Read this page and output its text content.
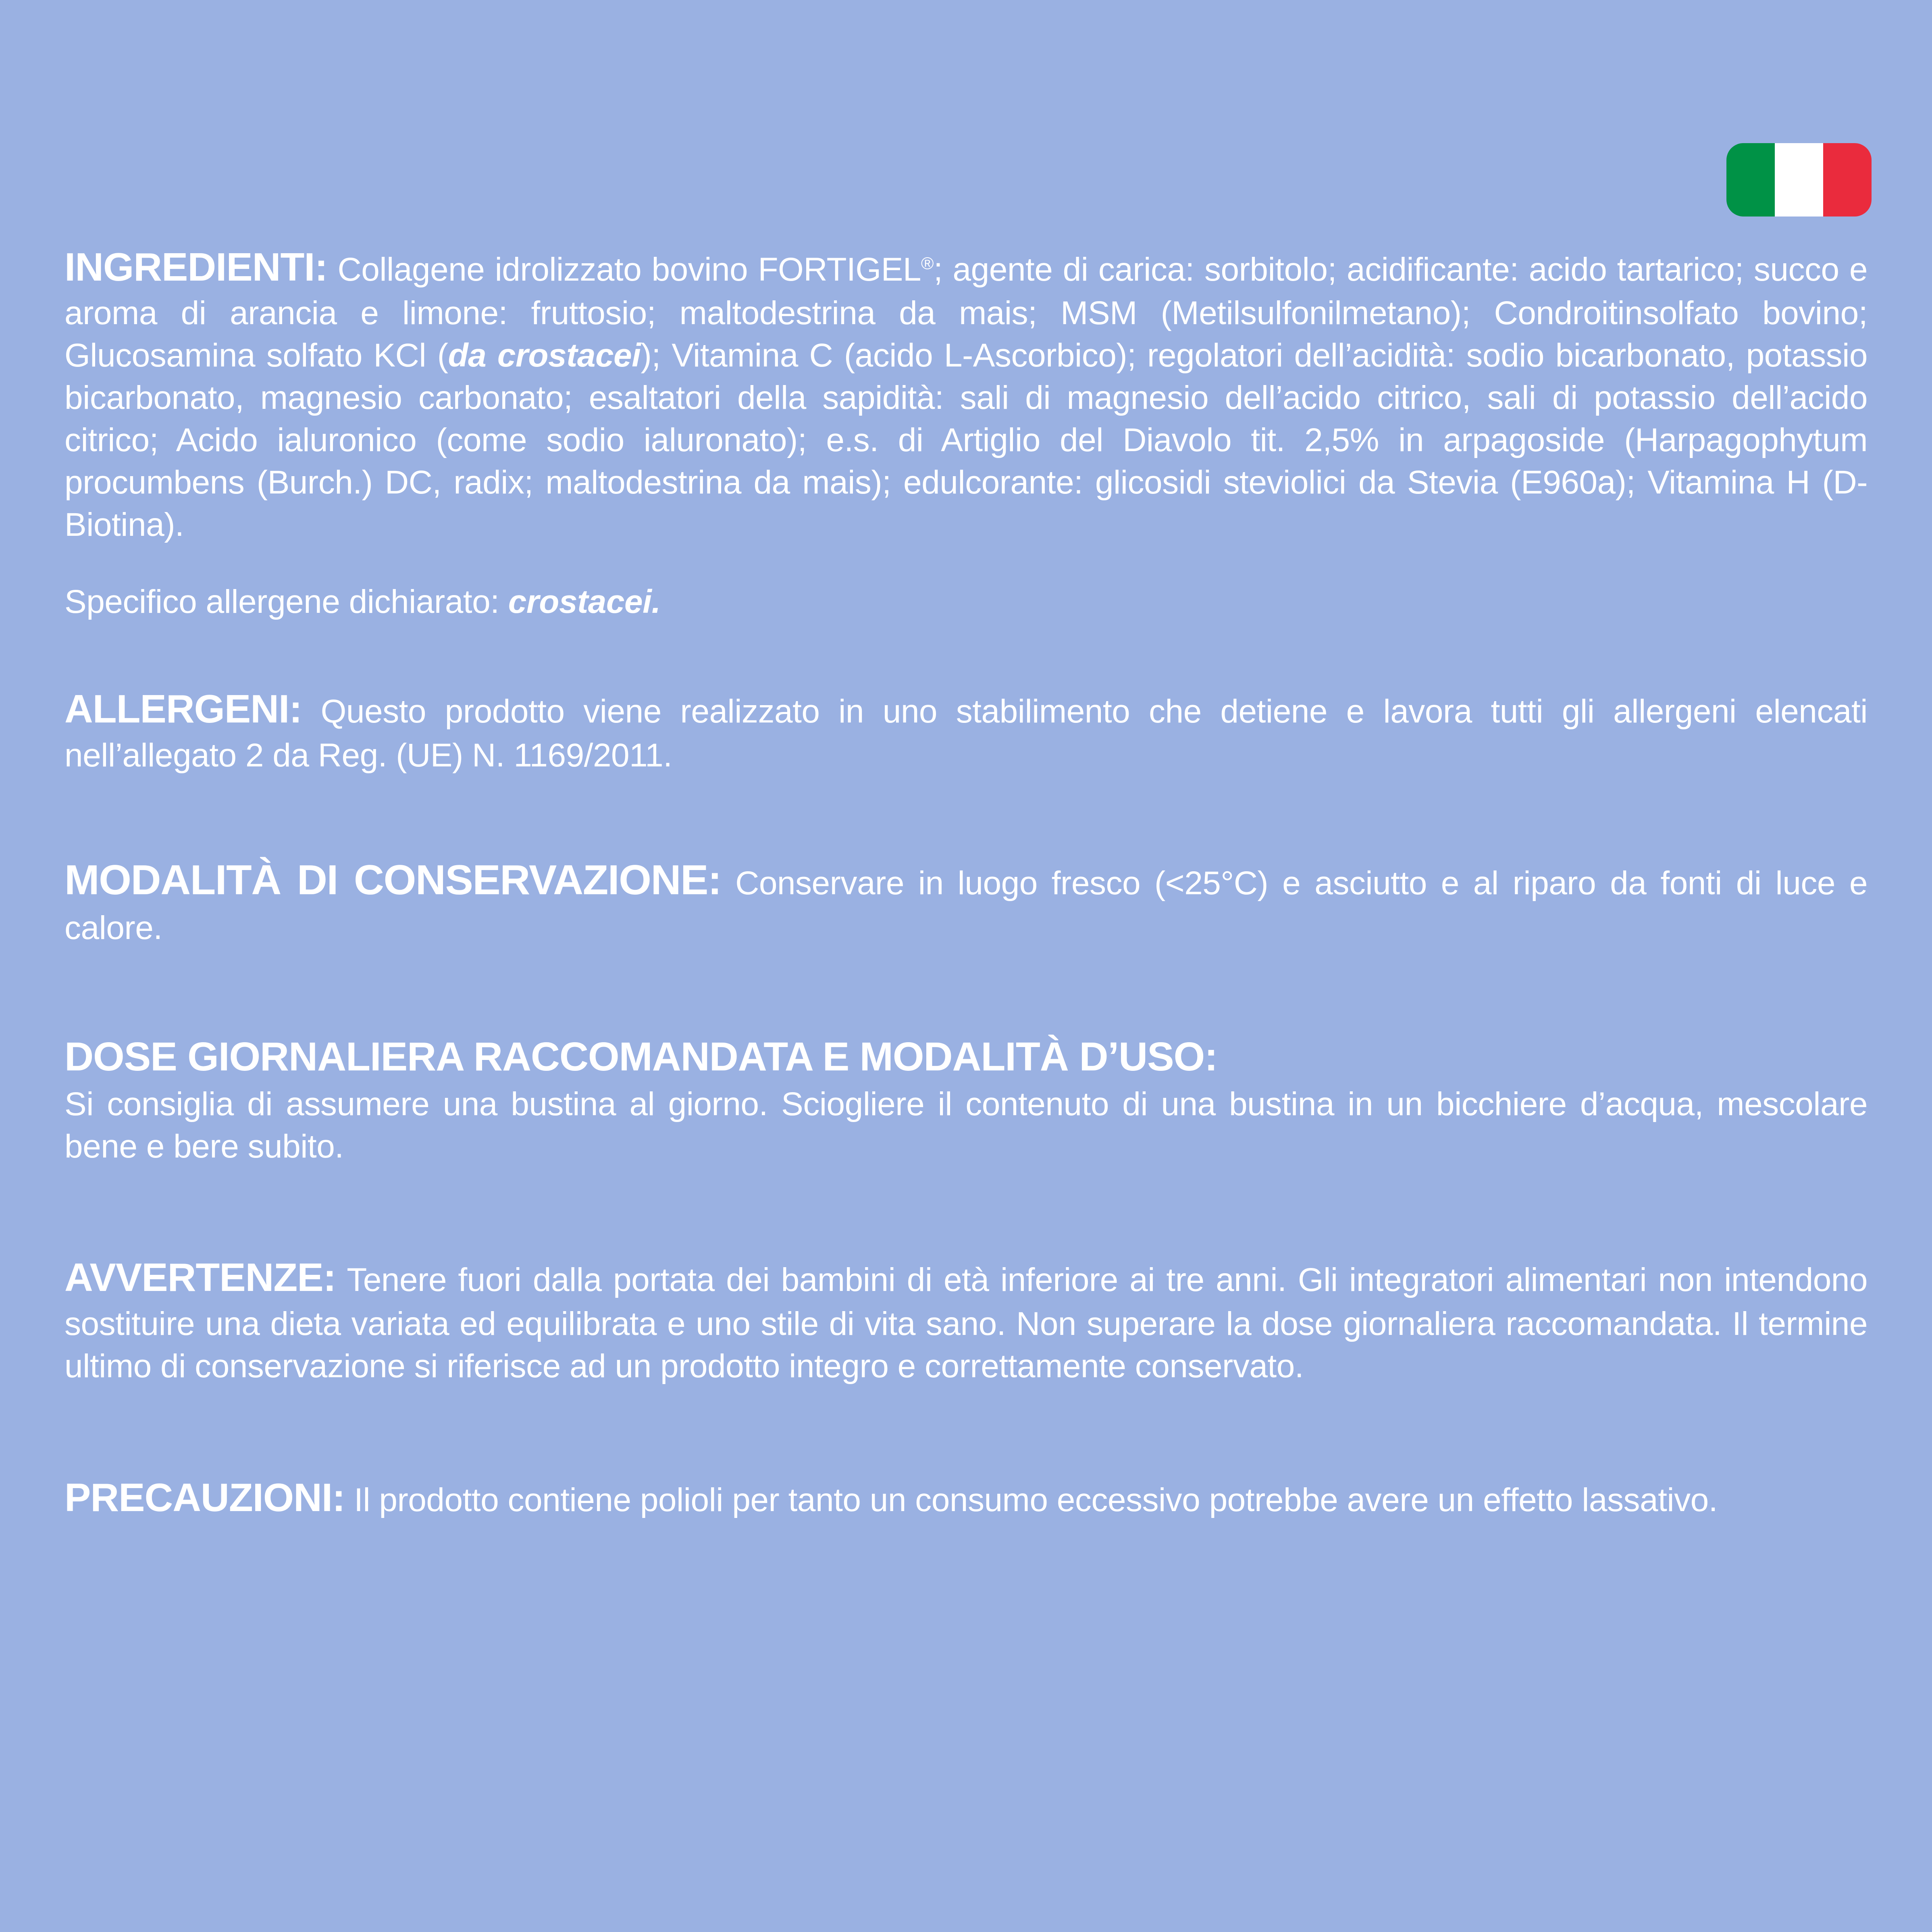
INGREDIENTI: Collagene idrolizzato bovino FORTIGEL®; agente di carica: sorbitolo; acidificante: acido tartarico; succo e aroma di arancia e limone: fruttosio; maltodestrina da mais; MSM (Metilsulfonilmetano); Condroitinsolfato bovino; Glucosamina solfato KCl (da crostacei); Vitamina C (acido L-Ascorbico); regolatori dell’acidità: sodio bicarbonato, potassio bicarbonato, magnesio carbonato; esaltatori della sapidità: sali di magnesio dell’acido citrico, sali di potassio dell’acido citrico; Acido ialuronico (come sodio ialuronato); e.s. di Artiglio del Diavolo tit. 2,5% in arpagoside (Harpagophytum procumbens (Burch.) DC, radix; maltodestrina da mais); edulcorante: glicosidi steviolici da Stevia (E960a); Vitamina H (D-Biotina).

Specifico allergene dichiarato: crostacei.

ALLERGENI: Questo prodotto viene realizzato in uno stabilimento che detiene e lavora tutti gli allergeni elencati nell’allegato 2 da Reg. (UE) N. 1169/2011.

MODALITÀ DI CONSERVAZIONE: Conservare in luogo fresco (<25°C) e asciutto e al riparo da fonti di luce e calore.

DOSE GIORNALIERA RACCOMANDATA E MODALITÀ D’USO:

Si consiglia di assumere una bustina al giorno. Sciogliere il contenuto di una bustina in un bicchiere d’acqua, mescolare bene e bere subito.

AVVERTENZE: Tenere fuori dalla portata dei bambini di età inferiore ai tre anni. Gli integratori alimentari non intendono sostituire una dieta variata ed equilibrata e uno stile di vita sano. Non superare la dose giornaliera raccomandata. Il termine ultimo di conservazione si riferisce ad un prodotto integro e correttamente conservato.

PRECAUZIONI: Il prodotto contiene polioli per tanto un consumo eccessivo potrebbe avere un effetto lassativo.
